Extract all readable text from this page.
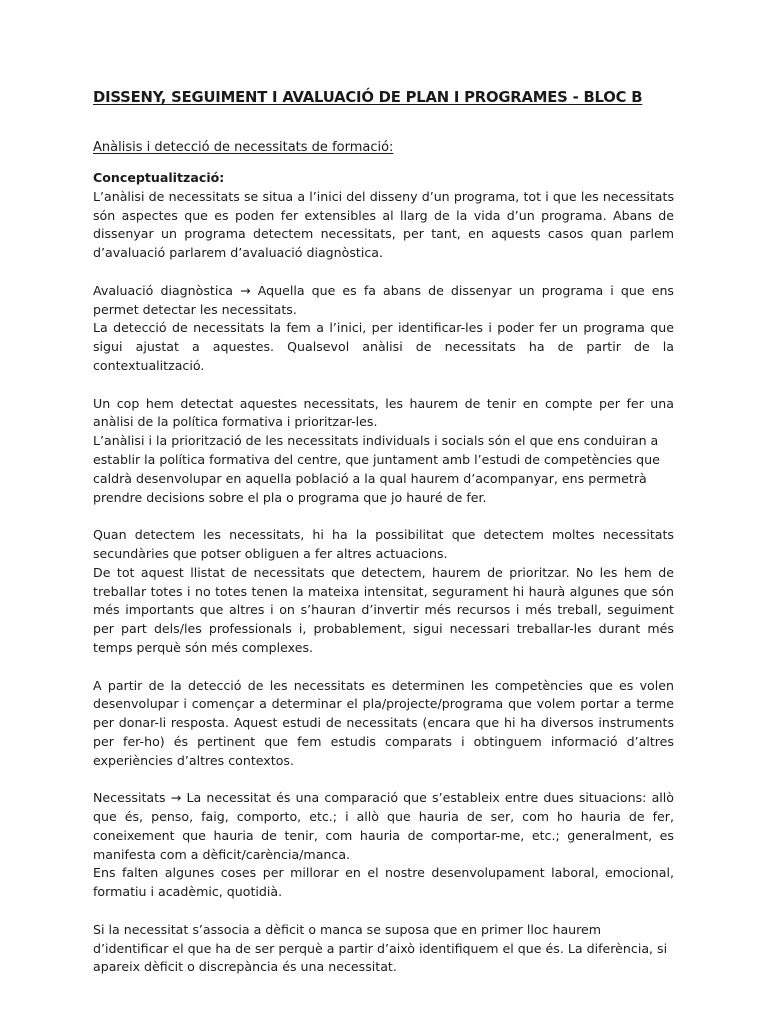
DISSENY, SEGUIMENT I AVALUACIÓ DE PLAN I PROGRAMES - BLOC B
Anàlisis i detecció de necessitats de formació:
Conceptualització:

L’anàlisi de necessitats se situa a l’inici del disseny d’un programa, tot i que les necessitats són aspectes que es poden fer extensibles al llarg de la vida d’un programa. Abans de dissenyar un programa detectem necessitats, per tant, en aquests casos quan parlem d’avaluació parlarem d’avaluació diagnòstica.

Avaluació diagnòstica → Aquella que es fa abans de dissenyar un programa i que ens permet detectar les necessitats.

La detecció de necessitats la fem a l’inici, per identificar-les i poder fer un programa que sigui ajustat a aquestes. Qualsevol anàlisi de necessitats ha de partir de la contextualització.

Un cop hem detectat aquestes necessitats, les haurem de tenir en compte per fer una anàlisi de la política formativa i prioritzar-les.

L’anàlisi i la priorització de les necessitats individuals i socials són el que ens conduiran a establir la política formativa del centre, que juntament amb l’estudi de competències que caldrà desenvolupar en aquella població a la qual haurem d’acompanyar, ens permetrà prendre decisions sobre el pla o programa que jo hauré de fer.

Quan detectem les necessitats, hi ha la possibilitat que detectem moltes necessitats secundàries que potser obliguen a fer altres actuacions.

De tot aquest llistat de necessitats que detectem, haurem de prioritzar. No les hem de treballar totes i no totes tenen la mateixa intensitat, segurament hi haurà algunes que són més importants que altres i on s’hauran d’invertir més recursos i més treball, seguiment per part dels/les professionals i, probablement, sigui necessari treballar-les durant més temps perquè són més complexes.

A partir de la detecció de les necessitats es determinen les competències que es volen desenvolupar i començar a determinar el pla/projecte/programa que volem portar a terme per donar-li resposta. Aquest estudi de necessitats (encara que hi ha diversos instruments per fer-ho) és pertinent que fem estudis comparats i obtinguem informació d’altres experiències d’altres contextos.

Necessitats → La necessitat és una comparació que s’estableix entre dues situacions: allò que és, penso, faig, comporto, etc.; i allò que hauria de ser, com ho hauria de fer, coneixement que hauria de tenir, com hauria de comportar-me, etc.; generalment, es manifesta com a dèficit/carència/manca.

Ens falten algunes coses per millorar en el nostre desenvolupament laboral, emocional, formatiu i acadèmic, quotidià.

Si la necessitat s’associa a dèficit o manca se suposa que en primer lloc haurem d’identificar el que ha de ser perquè a partir d’això identifiquem el que és. La diferència, si apareix dèficit o discrepància és una necessitat.
